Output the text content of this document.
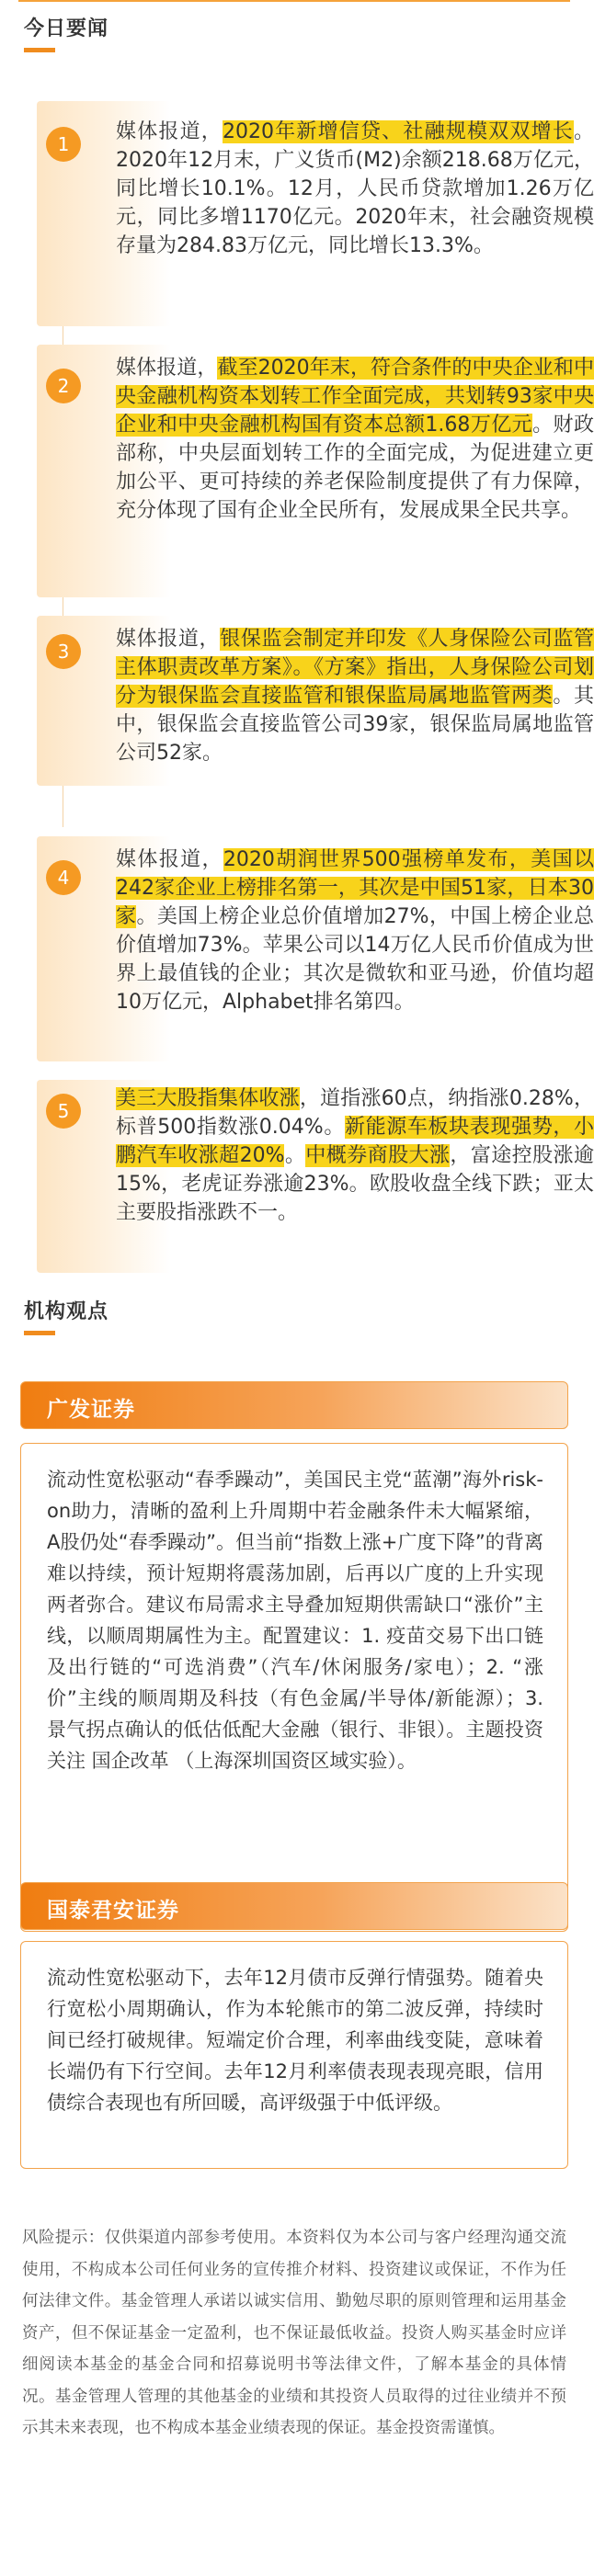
今日要闻
1
媒体报道，2020年新增信贷、社融规模双双增长。2020年12月末，广义货币(M2)余额218.68万亿元，同比增长10.1%。12月，人民币贷款增加1.26万亿元，同比多增1170亿元。2020年末，社会融资规模存量为284.83万亿元，同比增长13.3%。
2
媒体报道，截至2020年末，符合条件的中央企业和中央金融机构资本划转工作全面完成，共划转93家中央企业和中央金融机构国有资本总额1.68万亿元。财政部称，中央层面划转工作的全面完成，为促进建立更加公平、更可持续的养老保险制度提供了有力保障，充分体现了国有企业全民所有，发展成果全民共享。
3
媒体报道，银保监会制定并印发《人身保险公司监管主体职责改革方案》。《方案》指出，人身保险公司划分为银保监会直接监管和银保监局属地监管两类。其中，银保监会直接监管公司39家，银保监局属地监管公司52家。
4
媒体报道，2020胡润世界500强榜单发布，美国以242家企业上榜排名第一，其次是中国51家，日本30家。美国上榜企业总价值增加27%，中国上榜企业总价值增加73%。苹果公司以14万亿人民币价值成为世界上最值钱的企业；其次是微软和亚马逊，价值均超10万亿元，Alphabet排名第四。
5
美三大股指集体收涨，道指涨60点，纳指涨0.28%，标普500指数涨0.04%。新能源车板块表现强势，小鹏汽车收涨超20%。中概券商股大涨，富途控股涨逾15%，老虎证券涨逾23%。欧股收盘全线下跌；亚太主要股指涨跌不一。
机构观点
广发证券

流动性宽松驱动“春季躁动”，美国民主党“蓝潮”海外risk-on助力，清晰的盈利上升周期中若金融条件未大幅紧缩，A股仍处“春季躁动”。但当前“指数上涨+广度下降”的背离难以持续，预计短期将震荡加剧，后再以广度的上升实现两者弥合。建议布局需求主导叠加短期供需缺口“涨价”主线，以顺周期属性为主。配置建议：1. 疫苗交易下出口链及出行链的“可选消费”（汽车/休闲服务/家电）；2. “涨价”主线的顺周期及科技（有色金属/半导体/新能源）；3. 景气拐点确认的低估低配大金融（银行、非银）。主题投资关注 国企改革 （上海深圳国资区域实验）。

国泰君安证券

流动性宽松驱动下，去年12月债市反弹行情强势。随着央行宽松小周期确认，作为本轮熊市的第二波反弹，持续时间已经打破规律。短端定价合理，利率曲线变陡，意味着长端仍有下行空间。去年12月利率债表现表现亮眼，信用债综合表现也有所回暖，高评级强于中低评级。

风险提示：仅供渠道内部参考使用。本资料仅为本公司与客户经理沟通交流使用，不构成本公司任何业务的宣传推介材料、投资建议或保证，不作为任何法律文件。基金管理人承诺以诚实信用、勤勉尽职的原则管理和运用基金资产，但不保证基金一定盈利，也不保证最低收益。投资人购买基金时应详细阅读本基金的基金合同和招募说明书等法律文件，了解本基金的具体情况。基金管理人管理的其他基金的业绩和其投资人员取得的过往业绩并不预示其未来表现，也不构成本基金业绩表现的保证。基金投资需谨慎。
